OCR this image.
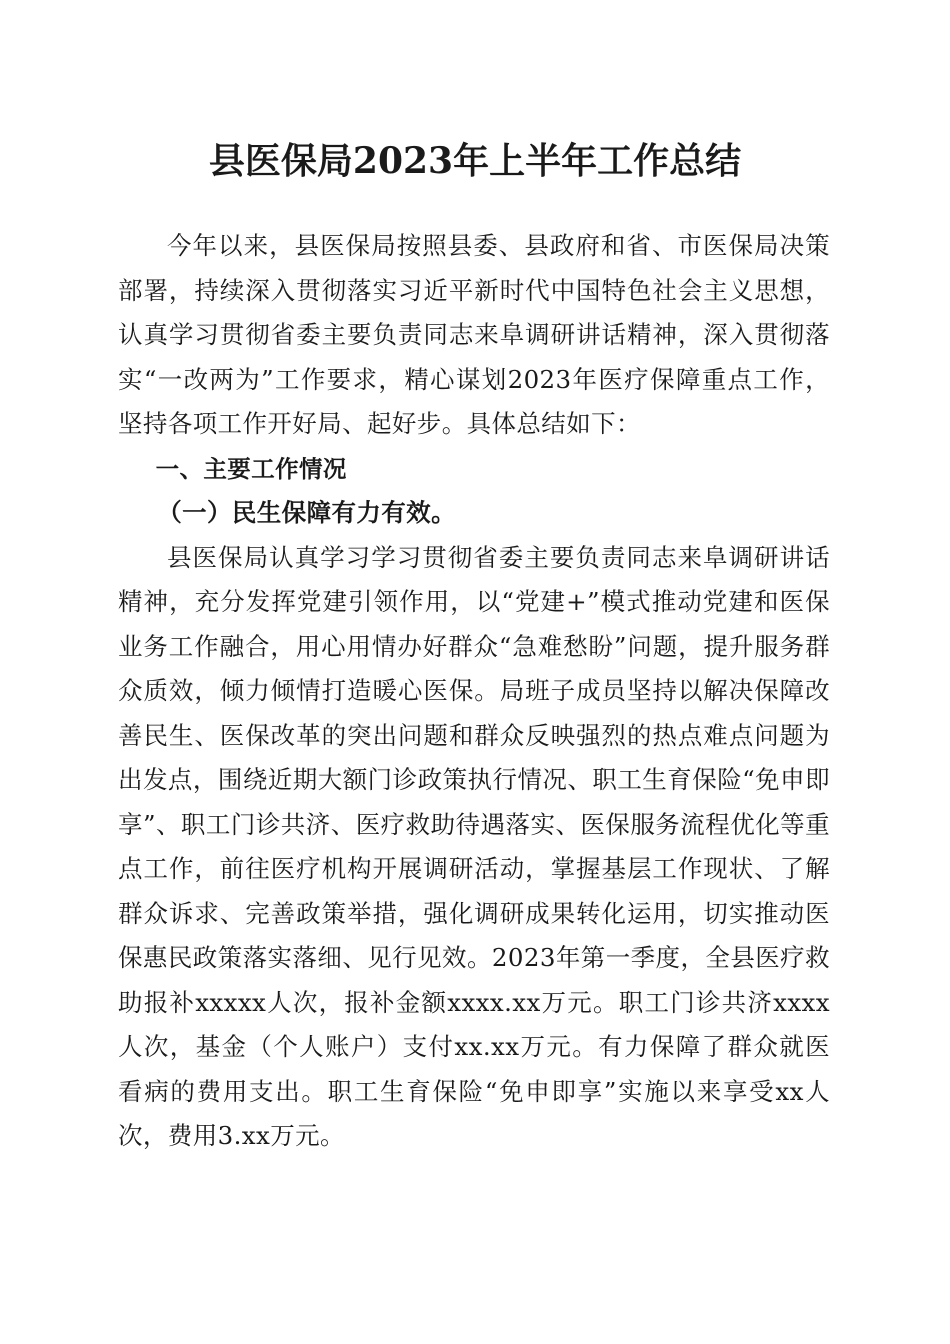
县医保局2023年上半年工作总结

今年以来，县医保局按照县委、县政府和省、市医保局决策部署，持续深入贯彻落实习近平新时代中国特色社会主义思想，认真学习贯彻省委主要负责同志来阜调研讲话精神，深入贯彻落实“一改两为”工作要求，精心谋划2023年医疗保障重点工作，坚持各项工作开好局、起好步。具体总结如下：

一、主要工作情况

（一）民生保障有力有效。

县医保局认真学习学习贯彻省委主要负责同志来阜调研讲话精神，充分发挥党建引领作用，以“党建+”模式推动党建和医保业务工作融合，用心用情办好群众“急难愁盼”问题，提升服务群众质效，倾力倾情打造暖心医保。局班子成员坚持以解决保障改善民生、医保改革的突出问题和群众反映强烈的热点难点问题为出发点，围绕近期大额门诊政策执行情况、职工生育保险“免申即享”、职工门诊共济、医疗救助待遇落实、医保服务流程优化等重点工作，前往医疗机构开展调研活动，掌握基层工作现状、了解群众诉求、完善政策举措，强化调研成果转化运用，切实推动医保惠民政策落实落细、见行见效。2023年第一季度，全县医疗救助报补xxxxx人次，报补金额xxxx.xx万元。职工门诊共济xxxx人次，基金（个人账户）支付xx.xx万元。有力保障了群众就医看病的费用支出。职工生育保险“免申即享”实施以来享受xx人次，费用3.xx万元。
